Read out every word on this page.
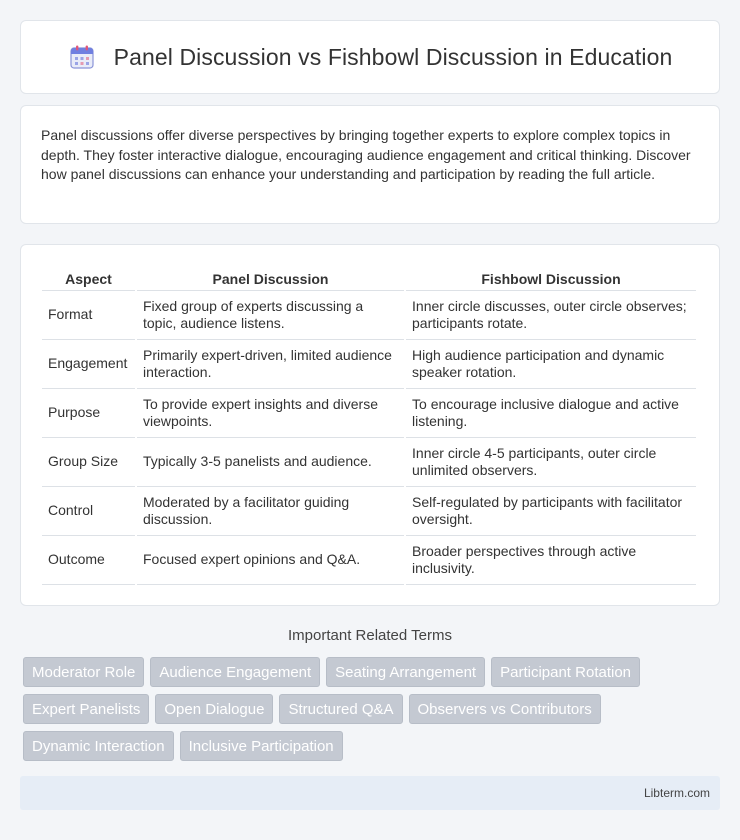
Panel Discussion vs Fishbowl Discussion in Education

Panel discussions offer diverse perspectives by bringing together experts to explore complex topics in depth. They foster interactive dialogue, encouraging audience engagement and critical thinking. Discover how panel discussions can enhance your understanding and participation by reading the full article.

Aspect	Panel Discussion	Fishbowl Discussion
Format	Fixed group of experts discussing a topic, audience listens.	Inner circle discusses, outer circle observes; participants rotate.
Engagement	Primarily expert-driven, limited audience interaction.	High audience participation and dynamic speaker rotation.
Purpose	To provide expert insights and diverse viewpoints.	To encourage inclusive dialogue and active listening.
Group Size	Typically 3-5 panelists and audience.	Inner circle 4-5 participants, outer circle unlimited observers.
Control	Moderated by a facilitator guiding discussion.	Self-regulated by participants with facilitator oversight.
Outcome	Focused expert opinions and Q&A.	Broader perspectives through active inclusivity.
Important Related Terms
Moderator Role	Audience Engagement	Seating Arrangement	Participant Rotation
Expert Panelists	Open Dialogue	Structured Q&A	Observers vs Contributors
Dynamic Interaction	Inclusive Participation
Libterm.com
